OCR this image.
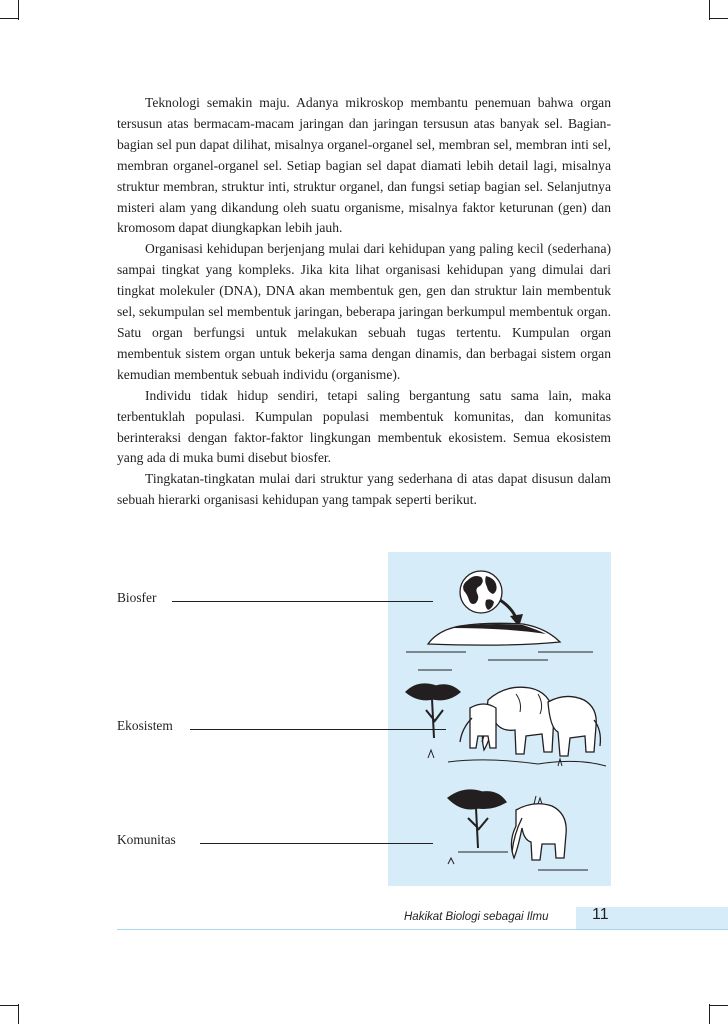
Teknologi semakin maju. Adanya mikroskop membantu penemuan bahwa organ tersusun atas bermacam-macam jaringan dan jaringan tersusun atas banyak sel. Bagian-bagian sel pun dapat dilihat, misalnya organel-organel sel, membran sel, membran inti sel, membran organel-organel sel. Setiap bagian sel dapat diamati lebih detail lagi, misalnya struktur membran, struktur inti, struktur organel, dan fungsi setiap bagian sel. Selanjutnya misteri alam yang dikandung oleh suatu organisme, misalnya faktor keturunan (gen) dan kromosom dapat diungkapkan lebih jauh.

Organisasi kehidupan berjenjang mulai dari kehidupan yang paling kecil (sederhana) sampai tingkat yang kompleks. Jika kita lihat organisasi kehidupan yang dimulai dari tingkat molekuler (DNA), DNA akan membentuk gen, gen dan struktur lain membentuk sel, sekumpulan sel membentuk jaringan, beberapa jaringan berkumpul membentuk organ. Satu organ berfungsi untuk melakukan sebuah tugas tertentu. Kumpulan organ membentuk sistem organ untuk bekerja sama dengan dinamis, dan berbagai sistem organ kemudian membentuk sebuah individu (organisme).

Individu tidak hidup sendiri, tetapi saling bergantung satu sama lain, maka terbentuklah populasi. Kumpulan populasi membentuk komunitas, dan komunitas berinteraksi dengan faktor-faktor lingkungan membentuk ekosistem. Semua ekosistem yang ada di muka bumi disebut biosfer.

Tingkatan-tingkatan mulai dari struktur yang sederhana di atas dapat disusun dalam sebuah hierarki organisasi kehidupan yang tampak seperti berikut.

Biosfer
Ekosistem
Komunitas
Hakikat Biologi sebagai Ilmu	11
